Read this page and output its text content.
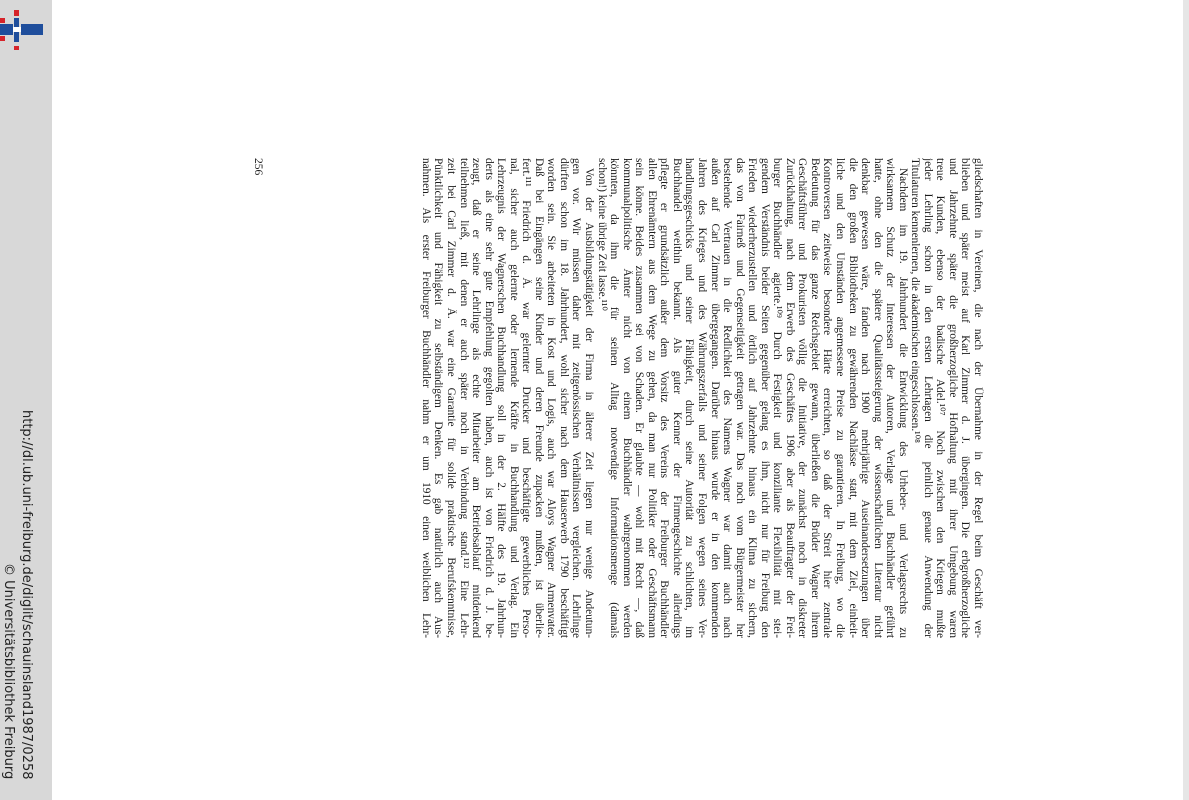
http://dl.ub.uni-freiburg.de/diglit/schauinsland1987/0258
© Universitätsbibliothek Freiburg
gliedschaften in Vereinen, die nach der Übernahme in der Regel beim Geschäft ver-
blieben und später meist auf Karl Zimmer d. J. übergingen. Die erbgroßherzogliche
und Jahrzehnte später die großherzogliche Hofhaltung mit ihrer Umgebung waren
treue Kunden, ebenso der badische Adel.¹⁰⁷ Noch zwischen den Kriegen mußte
jeder Lehrling schon in den ersten Lehrtagen die peinlich genaue Anwendung der
Titulaturen kennenlernen, die akademischen eingeschlossen.¹⁰⁸
Nachdem im 19. Jahrhundert die Entwicklung des Urheber- und Verlagsrechts zu
wirksamem Schutz der Interessen der Autoren, Verlage und Buchhändler geführt
hatte, ohne den die spätere Qualitätssteigerung der wissenschaftlichen Literatur nicht
denkbar gewesen wäre, fanden nach 1900 mehrjährige Auseinandersetzungen über
die den großen Bibliotheken zu gewährenden Nachlässe statt, mit dem Ziel, einheit-
liche und den Umständen angemessene Preise zu garantieren. In Freiburg, wo die
Kontroversen zeitweise besondere Härte erreichten, so daß der Streit hier zentrale
Bedeutung für das ganze Reichsgebiet gewann, überließen die Brüder Wagner ihrem
Geschäftsführer und Prokuristen völlig die Initiative, der zunächst noch in diskreter
Zurückhaltung, nach dem Erwerb des Geschäftes 1906 aber als Beauftragter der Frei-
burger Buchhändler agierte.¹⁰⁹ Durch Festigkeit und konziliante Flexibilität mit stei-
gendem Verständnis beider Seiten gegenüber gelang es ihm, nicht nur für Freiburg den
Frieden wiederherzustellen und örtlich auf Jahrzehnte hinaus ein Klima zu sichern,
das von Fairneß und Gegenseitigkeit getragen war. Das noch vom Bürgermeister her
bestehende Vertrauen in die Redlichkeit des Namens Wagner war damit auch nach
außen auf Carl Zimmer übergegangen. Darüber hinaus wurde er in den kommenden
Jahren des Krieges und des Währungszerfalls und seiner Folgen wegen seines Ver-
handlungsgeschicks und seiner Fähigkeit, durch seine Autorität zu schlichten, im
Buchhandel weithin bekannt. Als guter Kenner der Firmengeschichte allerdings
pflegte er grundsätzlich außer dem Vorsitz des Vereins der Freiburger Buchhändler
allen Ehrenämtern aus dem Wege zu gehen, da man nur Politiker oder Geschäftsmann
sein könne. Beides zusammen sei von Schaden. Er glaubte — wohl mit Recht —, daß
kommunalpolitische Ämter nicht von einem Buchhändler wahrgenommen werden
könnten, da ihm die für seinen Alltag notwendige Informationsmenge (damals
schon!) keine übrige Zeit lasse.¹¹⁰
Von der Ausbildungstätigkeit der Firma in älterer Zeit liegen nur wenige Andeutun-
gen vor. Wir müssen daher mit zeitgenössischen Verhältnissen vergleichen. Lehrlinge
dürften schon im 18. Jahrhundert, wohl sicher nach dem Hauserwerb 1790 beschäftigt
worden sein. Sie arbeiteten in Kost und Logis, auch war Aloys Wagner Armenvater.
Daß bei Eingängen seine Kinder und deren Freunde zupacken mußten, ist überlie-
fert.¹¹¹ Friedrich d. Ä. war gelernter Drucker und beschäftigte gewerbliches Perso-
nal, sicher auch gelernte oder lernende Kräfte in Buchhandlung und Verlag. Ein
Lehrzeugnis der Wagnerschen Buchhandlung soll in der 2. Hälfte des 19. Jahrhun-
derts als eine sehr gute Empfehlung gegolten haben, auch ist von Friedrich d. J. be-
zeugt, daß er seine Lehrlinge als echte Mitarbeiter am Betriebsablauf mitdenkend
teilnehmen ließ, mit denen er auch später noch in Verbindung stand.¹¹² Eine Lehr-
zeit bei Carl Zimmer d. Ä. war eine Garantie für solide praktische Berufskenntnisse,
Pünktlichkeit und Fähigkeit zu selbständigem Denken. Es gab natürlich auch Aus-
nahmen. Als erster Freiburger Buchhändler nahm er um 1910 einen weiblichen Lehr-
256
